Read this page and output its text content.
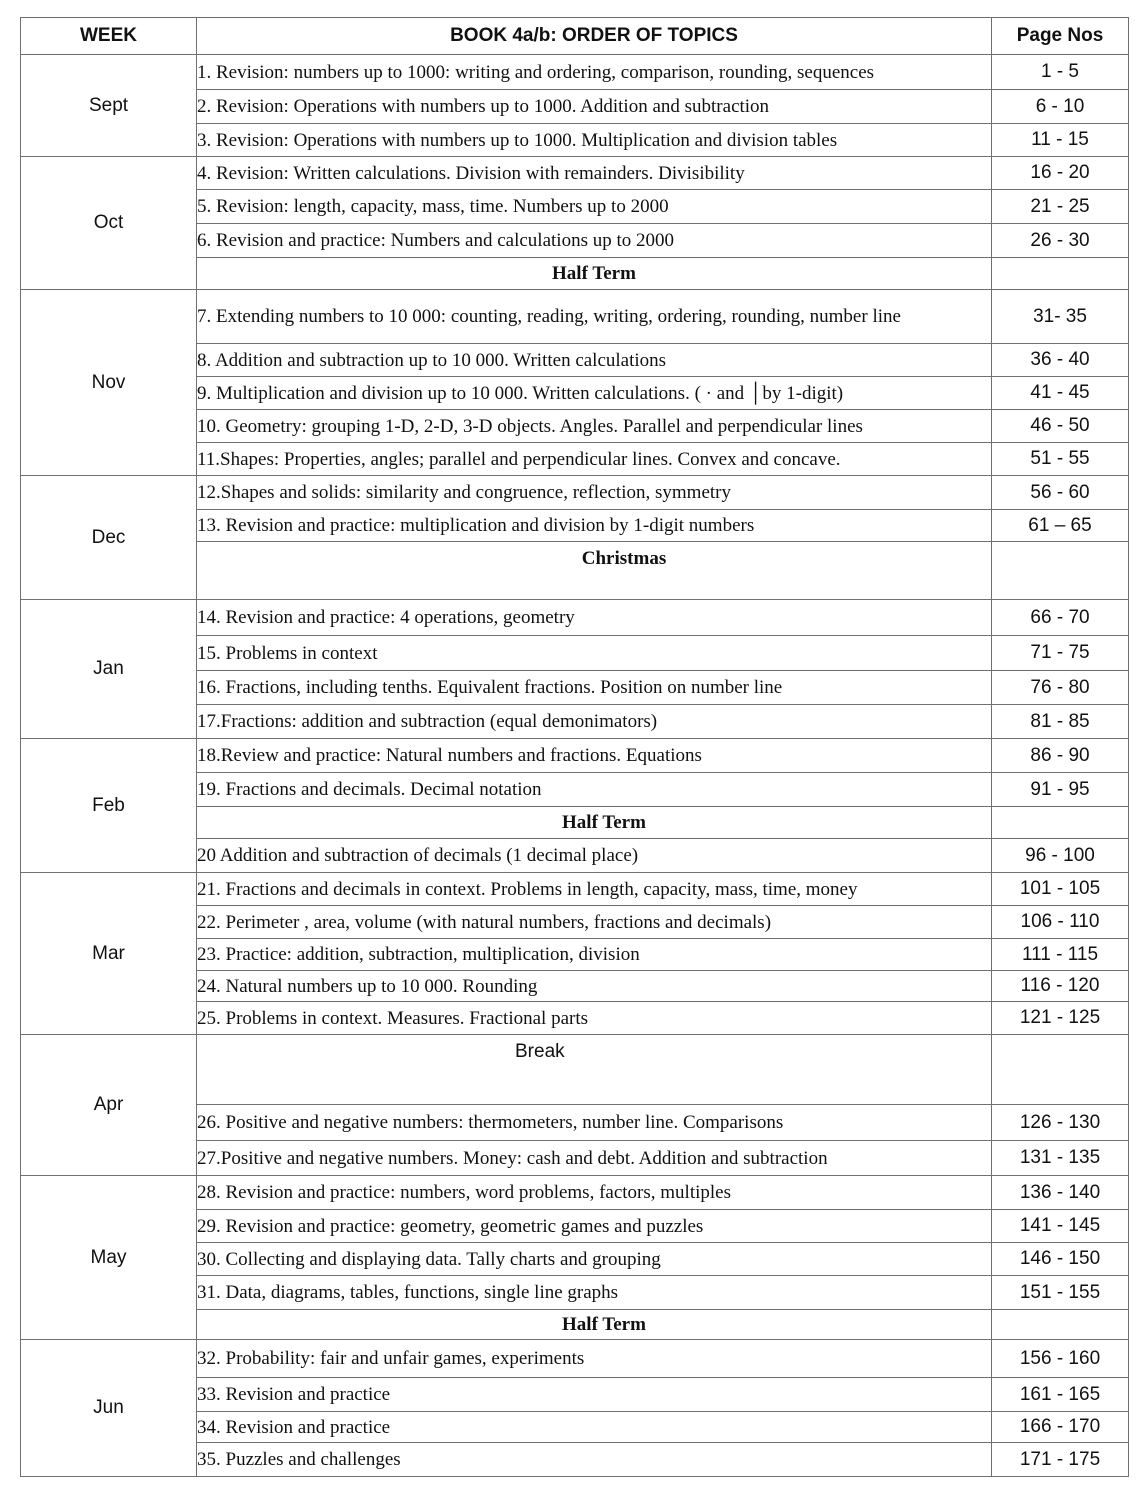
WEEK	BOOK 4a/b: ORDER OF TOPICS	Page Nos
Sept	1. Revision: numbers up to 1000: writing and ordering, comparison, rounding, sequences	1 - 5
	2. Revision: Operations with numbers up to 1000. Addition and subtraction	6 - 10
	3. Revision: Operations with numbers up to 1000. Multiplication and division tables	11 - 15
Oct	4. Revision: Written calculations. Division with remainders. Divisibility	16 - 20
	5. Revision: length, capacity, mass, time. Numbers up to 2000	21 - 25
	6. Revision and practice: Numbers and calculations up to 2000	26 - 30
	Half Term	
Nov	7. Extending numbers to 10 000: counting, reading, writing, ordering, rounding, number line	31- 35
	8. Addition and subtraction up to 10 000. Written calculations	36 - 40
	9. Multiplication and division up to 10 000. Written calculations. ( · and │by 1-digit)	41 - 45
	10. Geometry: grouping 1-D, 2-D, 3-D objects. Angles. Parallel and perpendicular lines	46 - 50
	11.Shapes: Properties, angles; parallel and perpendicular lines. Convex and concave.	51 - 55
Dec	12.Shapes and solids: similarity and congruence, reflection, symmetry	56 - 60
	13. Revision and practice: multiplication and division by 1-digit numbers	61 – 65
	Christmas	
Jan	14. Revision and practice: 4 operations, geometry	66 - 70
	15. Problems in context	71 - 75
	16. Fractions, including tenths. Equivalent fractions. Position on number line	76 - 80
	17.Fractions: addition and subtraction (equal demonimators)	81 - 85
Feb	18.Review and practice: Natural numbers and fractions. Equations	86 - 90
	19. Fractions and decimals. Decimal notation	91 - 95
	Half Term	
	20 Addition and subtraction of decimals (1 decimal place)	96 - 100
Mar	21. Fractions and decimals in context. Problems in length, capacity, mass, time, money	101 - 105
	22. Perimeter , area, volume (with natural numbers, fractions and decimals)	106 - 110
	23. Practice: addition, subtraction, multiplication, division	111 - 115
	24. Natural numbers up to 10 000. Rounding	116 - 120
	25. Problems in context. Measures. Fractional parts	121 - 125
Apr	Break	
	26. Positive and negative numbers: thermometers, number line. Comparisons	126 - 130
	27.Positive and negative numbers. Money: cash and debt. Addition and subtraction	131 - 135
May	28. Revision and practice: numbers, word problems, factors, multiples	136 - 140
	29. Revision and practice: geometry, geometric games and puzzles	141 - 145
	30. Collecting and displaying data. Tally charts and grouping	146 - 150
	31. Data, diagrams, tables, functions, single line graphs	151 - 155
	Half Term	
Jun	32. Probability: fair and unfair games, experiments	156 - 160
	33. Revision and practice	161 - 165
	34. Revision and practice	166 - 170
	35. Puzzles and challenges	171 - 175
